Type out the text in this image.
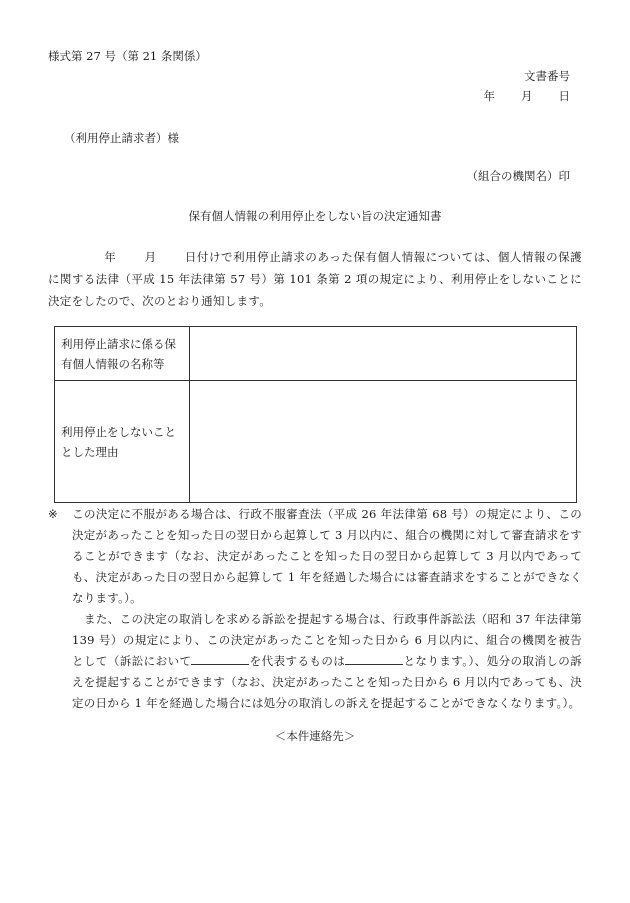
様式第 27 号（第 21 条関係）
文書番号
年 月 日
（利用停止請求者）様
（組合の機関名）印
保有個人情報の利用停止をしない旨の決定通知書
年 月 日付けで利用停止請求のあった保有個人情報については、個人情報の保護に関する法律（平成 15 年法律第 57 号）第 101 条第 2 項の規定により、利用停止をしないことに決定をしたので、次のとおり通知します。
利用停止請求に係る保有個人情報の名称等	
利用停止をしないこととした理由	

※ この決定に不服がある場合は、行政不服審査法（平成 26 年法律第 68 号）の規定により、この決定があったことを知った日の翌日から起算して 3 月以内に、組合の機関に対して審査請求をすることができます（なお、決定があったことを知った日の翌日から起算して 3 月以内であっても、決定があった日の翌日から起算して 1 年を経過した場合には審査請求をすることができなくなります。）。

また、この決定の取消しを求める訴訟を提起する場合は、行政事件訴訟法（昭和 37 年法律第 139 号）の規定により、この決定があったことを知った日から 6 月以内に、組合の機関を被告として（訴訟において	を代表するものは	となります。）、処分の取消しの訴えを提起することができます（なお、決定があったことを知った日から 6 月以内であっても、決定の日から 1 年を経過した場合には処分の取消しの訴えを提起することができなくなります。）。

＜本件連絡先＞
